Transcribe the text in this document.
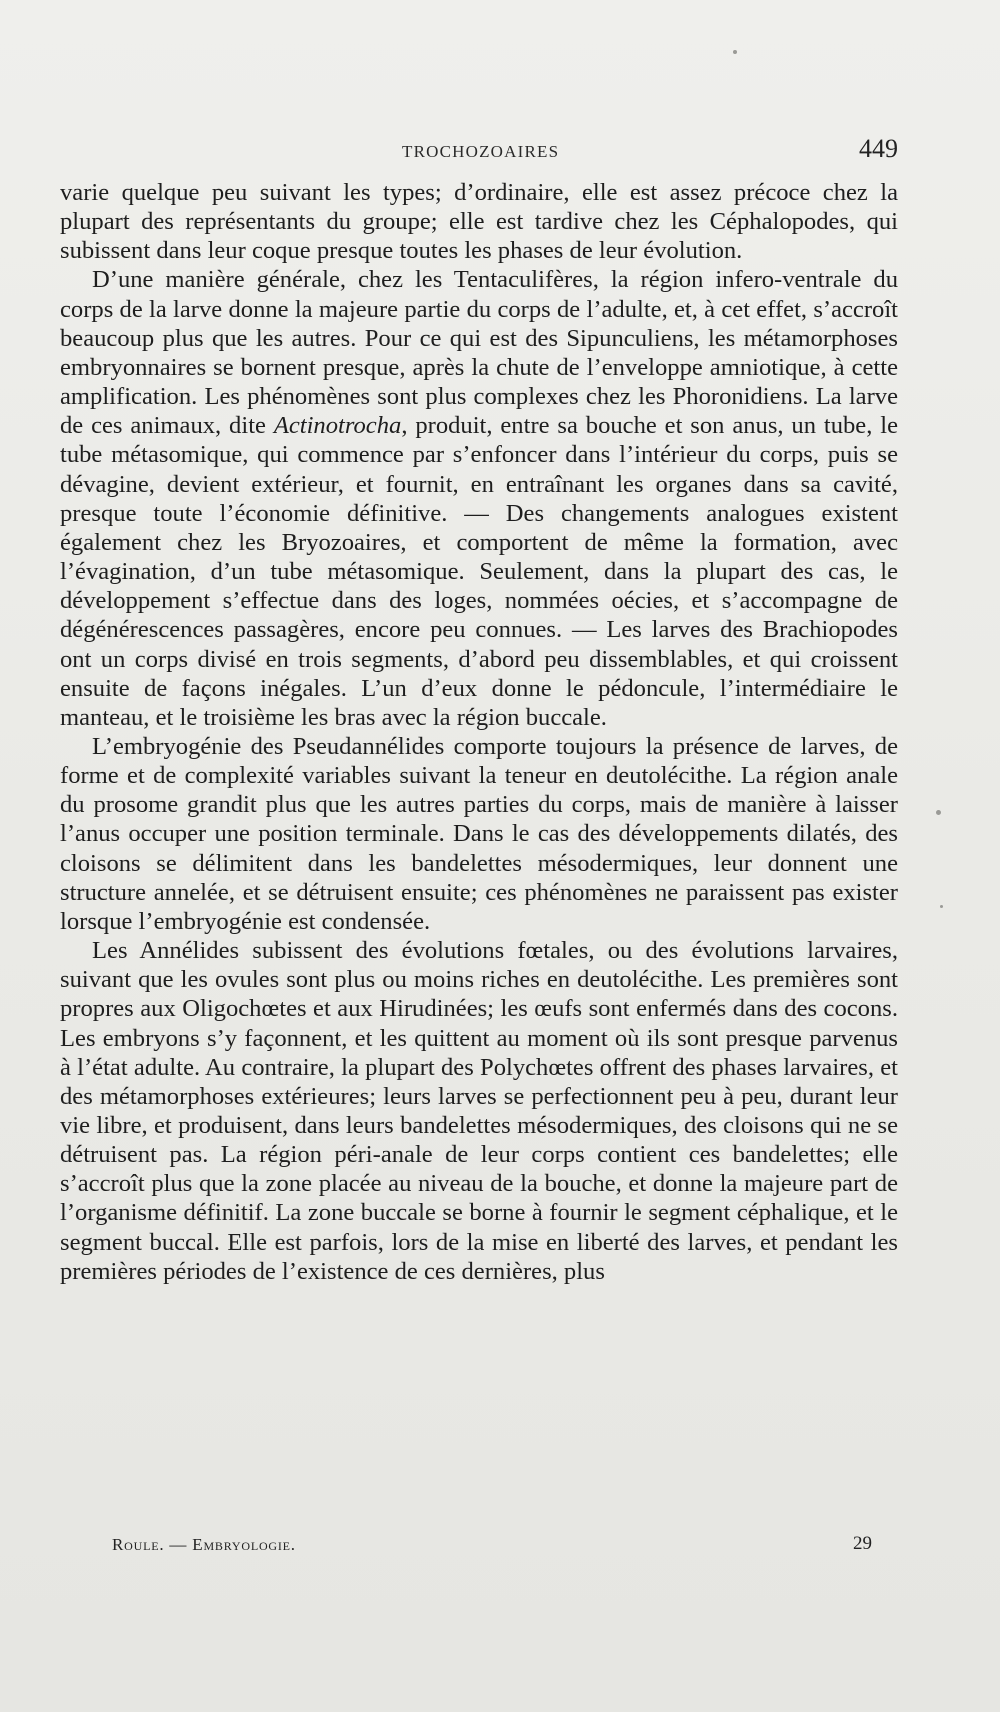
TROCHOZOAIRES	449

varie quelque peu suivant les types; d’ordinaire, elle est assez précoce chez la plupart des représentants du groupe; elle est tardive chez les Céphalopodes, qui subissent dans leur coque presque toutes les phases de leur évolution.

D’une manière générale, chez les Tentaculifères, la région infero-ventrale du corps de la larve donne la majeure partie du corps de l’adulte, et, à cet effet, s’accroît beaucoup plus que les autres. Pour ce qui est des Sipunculiens, les métamorphoses embryonnaires se bornent presque, après la chute de l’enveloppe amniotique, à cette amplification. Les phénomènes sont plus complexes chez les Phoronidiens. La larve de ces animaux, dite Actinotrocha, produit, entre sa bouche et son anus, un tube, le tube métasomique, qui commence par s’enfoncer dans l’intérieur du corps, puis se dévagine, devient extérieur, et fournit, en entraînant les organes dans sa cavité, presque toute l’économie définitive. — Des changements analogues existent également chez les Bryozoaires, et comportent de même la formation, avec l’évagination, d’un tube métasomique. Seulement, dans la plupart des cas, le développement s’effectue dans des loges, nommées oécies, et s’accompagne de dégénérescences passagères, encore peu connues. — Les larves des Brachiopodes ont un corps divisé en trois segments, d’abord peu dissemblables, et qui croissent ensuite de façons inégales. L’un d’eux donne le pédoncule, l’intermédiaire le manteau, et le troisième les bras avec la région buccale.

L’embryogénie des Pseudannélides comporte toujours la présence de larves, de forme et de complexité variables suivant la teneur en deutolécithe. La région anale du prosome grandit plus que les autres parties du corps, mais de manière à laisser l’anus occuper une position terminale. Dans le cas des développements dilatés, des cloisons se délimitent dans les bandelettes mésodermiques, leur donnent une structure annelée, et se détruisent ensuite; ces phénomènes ne paraissent pas exister lorsque l’embryogénie est condensée.

Les Annélides subissent des évolutions fœtales, ou des évolutions larvaires, suivant que les ovules sont plus ou moins riches en deutolécithe. Les premières sont propres aux Oligochœtes et aux Hirudinées; les œufs sont enfermés dans des cocons. Les embryons s’y façonnent, et les quittent au moment où ils sont presque parvenus à l’état adulte. Au contraire, la plupart des Polychœtes offrent des phases larvaires, et des métamorphoses extérieures; leurs larves se perfectionnent peu à peu, durant leur vie libre, et produisent, dans leurs bandelettes mésodermiques, des cloisons qui ne se détruisent pas. La région péri-anale de leur corps contient ces bandelettes; elle s’accroît plus que la zone placée au niveau de la bouche, et donne la majeure part de l’organisme définitif. La zone buccale se borne à fournir le segment céphalique, et le segment buccal. Elle est parfois, lors de la mise en liberté des larves, et pendant les premières périodes de l’existence de ces dernières, plus

Roule. — Embryologie.	29
